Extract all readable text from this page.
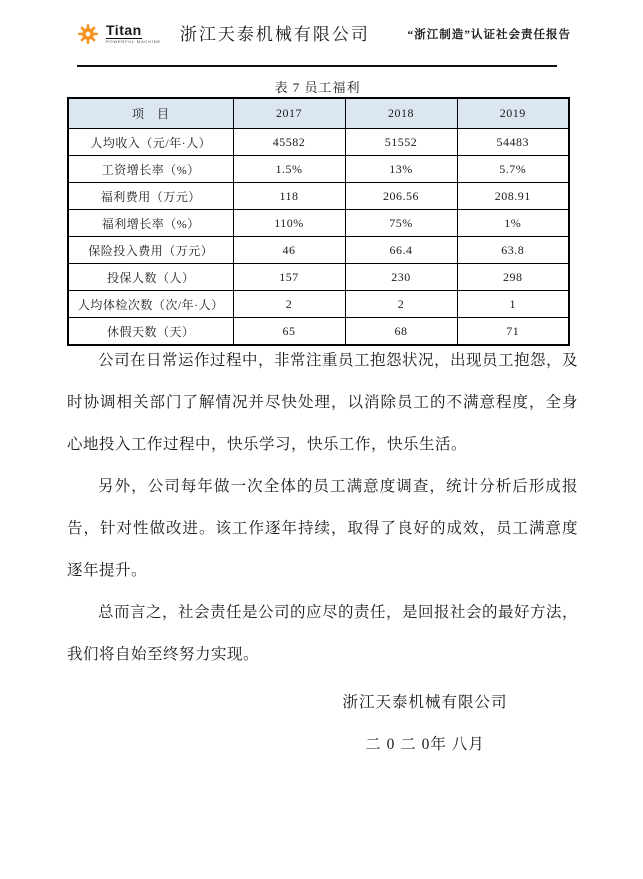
Titan
POWERFUL MACHINE 浙江天泰机械有限公司	“浙江制造”认证社会责任报告
表 7 员工福利
项　目	2017	2018	2019
人均收入（元/年·人）	45582	51552	54483
工资增长率（%）	1.5%	13%	5.7%
福利费用（万元）	118	206.56	208.91
福利增长率（%）	110%	75%	1%
保险投入费用（万元）	46	66.4	63.8
投保人数（人）	157	230	298
人均体检次数（次/年·人）	2	2	1
休假天数（天）	65	68	71

公司在日常运作过程中，非常注重员工抱怨状况，出现员工抱怨，及时协调相关部门了解情况并尽快处理，以消除员工的不满意程度，全身心地投入工作过程中，快乐学习，快乐工作，快乐生活。

另外，公司每年做一次全体的员工满意度调查，统计分析后形成报告，针对性做改进。该工作逐年持续，取得了良好的成效，员工满意度逐年提升。

总而言之，社会责任是公司的应尽的责任，是回报社会的最好方法，我们将自始至终努力实现。

浙江天泰机械有限公司
二 0 二 0年 八月
